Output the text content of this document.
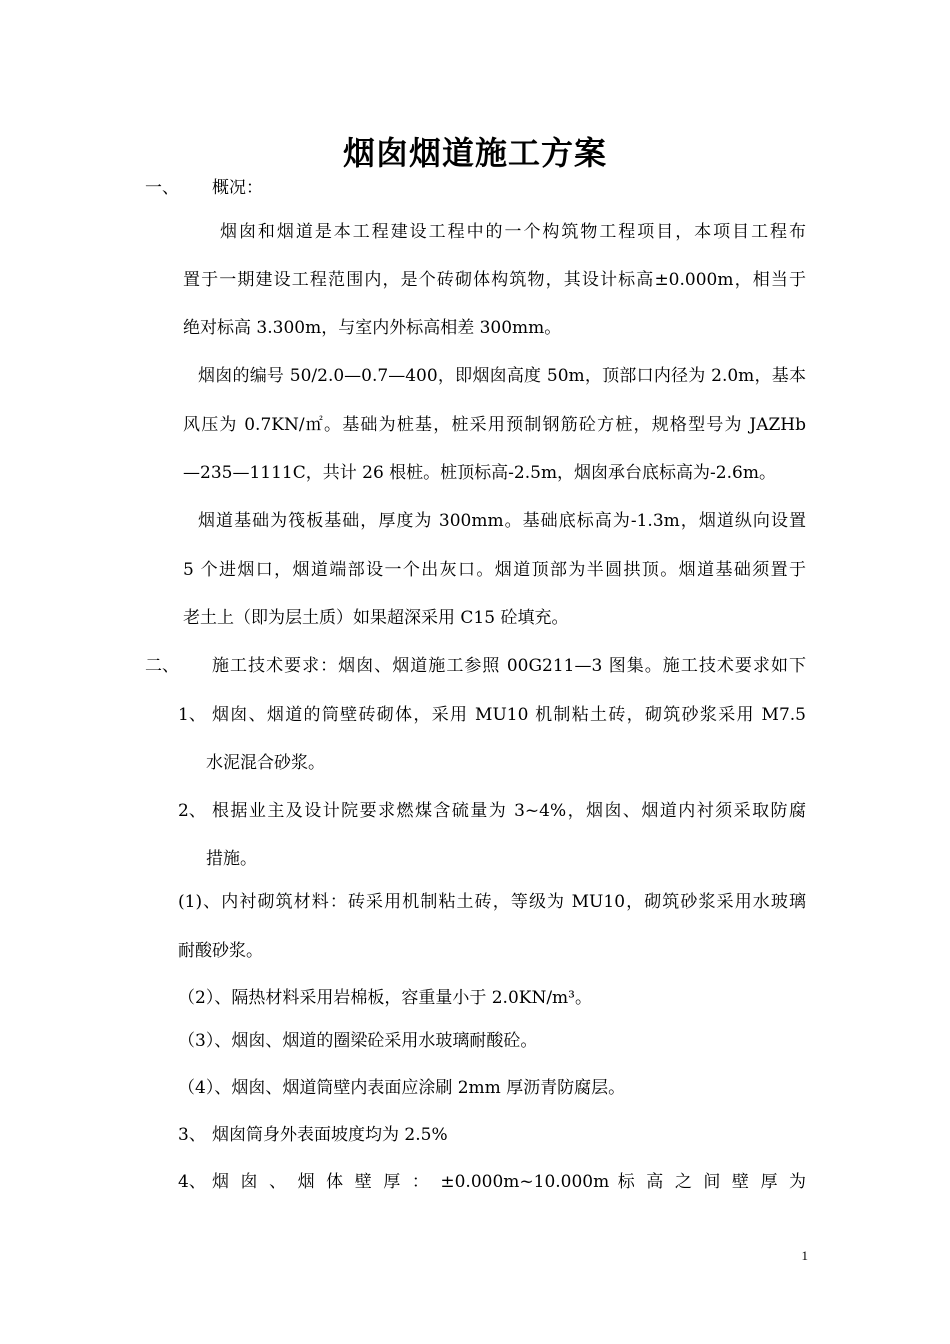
烟囱烟道施工方案
一、 概况：
烟囱和烟道是本工程建设工程中的一个构筑物工程项目，本项目工程布
置于一期建设工程范围内，是个砖砌体构筑物，其设计标高±0.000m，相当于
绝对标高 3.300m，与室内外标高相差 300mm。
烟囱的编号 50/2.0—0.7—400，即烟囱高度 50m，顶部口内径为 2.0m，基本
风压为 0.7KN/㎡。基础为桩基，桩采用预制钢筋砼方桩，规格型号为 JAZHb
—235—1111C，共计 26 根桩。桩顶标高-2.5m，烟囱承台底标高为-2.6m。
烟道基础为筏板基础，厚度为 300mm。基础底标高为-1.3m，烟道纵向设置
5 个进烟口，烟道端部设一个出灰口。烟道顶部为半圆拱顶。烟道基础须置于
老土上（即为层土质）如果超深采用 C15 砼填充。
二、 施工技术要求：烟囱、烟道施工参照 00G211—3 图集。施工技术要求如下
1、 烟囱、烟道的筒壁砖砌体，采用 MU10 机制粘土砖，砌筑砂浆采用 M7.5
水泥混合砂浆。
2、 根据业主及设计院要求燃煤含硫量为 3~4%，烟囱、烟道内衬须采取防腐
措施。
(1)、内衬砌筑材料：砖采用机制粘土砖，等级为 MU10，砌筑砂浆采用水玻璃
耐酸砂浆。
（2）、隔热材料采用岩棉板，容重量小于 2.0KN/m³。
（3）、烟囱、烟道的圈梁砼采用水玻璃耐酸砼。
（4）、烟囱、烟道筒壁内表面应涂刷 2mm 厚沥青防腐层。
3、 烟囱筒身外表面坡度均为 2.5%
4、 烟 囱 、 烟 体 壁 厚 ： ±0.000m~10.000m 标 高 之 间 壁 厚 为
1
